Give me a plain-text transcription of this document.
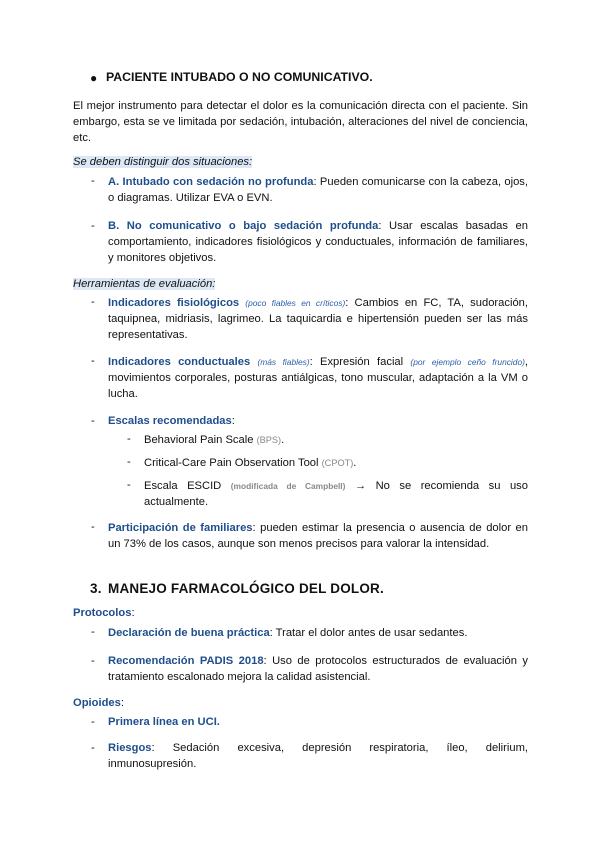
● PACIENTE INTUBADO O NO COMUNICATIVO.
El mejor instrumento para detectar el dolor es la comunicación directa con el paciente. Sin embargo, esta se ve limitada por sedación, intubación, alteraciones del nivel de conciencia, etc.
Se deben distinguir dos situaciones:
-	A. Intubado con sedación no profunda: Pueden comunicarse con la cabeza, ojos, o diagramas. Utilizar EVA o EVN.
-	B. No comunicativo o bajo sedación profunda: Usar escalas basadas en comportamiento, indicadores fisiológicos y conductuales, información de familiares, y monitores objetivos.
Herramientas de evaluación:
-	Indicadores fisiológicos (poco fiables en críticos): Cambios en FC, TA, sudoración, taquipnea, midriasis, lagrimeo. La taquicardia e hipertensión pueden ser las más representativas.
-	Indicadores conductuales (más fiables): Expresión facial (por ejemplo ceño fruncido), movimientos corporales, posturas antiálgicas, tono muscular, adaptación a la VM o lucha.
-	Escalas recomendadas:
-	Behavioral Pain Scale (BPS).
-	Critical-Care Pain Observation Tool (CPOT).
-	Escala ESCID (modificada de Campbell) → No se recomienda su uso actualmente.
-	Participación de familiares: pueden estimar la presencia o ausencia de dolor en un 73% de los casos, aunque son menos precisos para valorar la intensidad.
3. MANEJO FARMACOLÓGICO DEL DOLOR.
Protocolos:
-	Declaración de buena práctica: Tratar el dolor antes de usar sedantes.
-	Recomendación PADIS 2018: Uso de protocolos estructurados de evaluación y tratamiento escalonado mejora la calidad asistencial.
Opioides:
-	Primera línea en UCI.
-	Riesgos: Sedación excesiva, depresión respiratoria, íleo, delirium, inmunosupresión.
